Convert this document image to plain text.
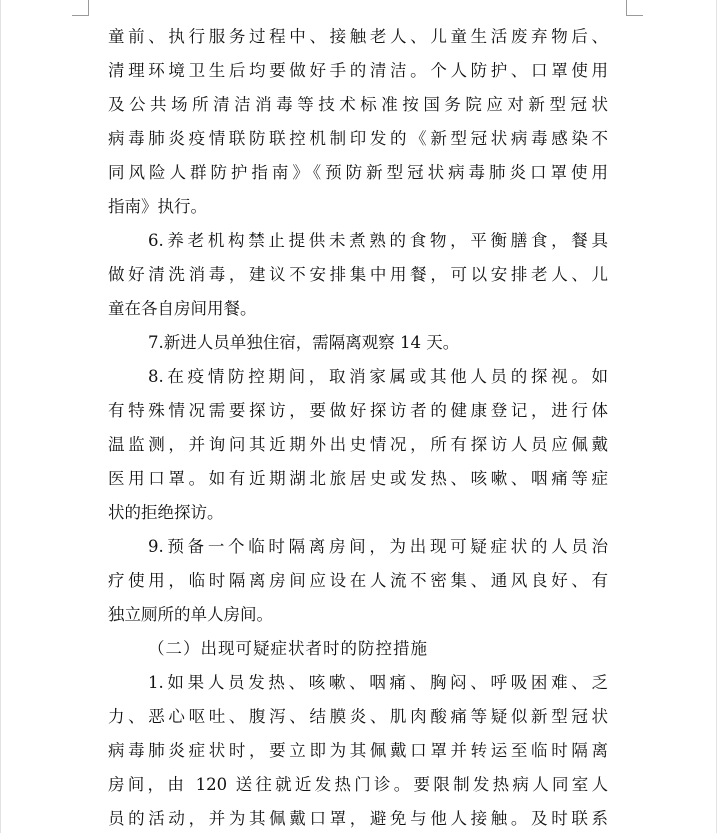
童前、执行服务过程中、接触老人、儿童生活废弃物后、
清理环境卫生后均要做好手的清洁。个人防护、口罩使用
及公共场所清洁消毒等技术标准按国务院应对新型冠状
病毒肺炎疫情联防联控机制印发的《新型冠状病毒感染不
同风险人群防护指南》《预防新型冠状病毒肺炎口罩使用
指南》执行。
6.养老机构禁止提供未煮熟的食物，平衡膳食，餐具
做好清洗消毒，建议不安排集中用餐，可以安排老人、儿
童在各自房间用餐。
7.新进人员单独住宿，需隔离观察 14 天。
8.在疫情防控期间，取消家属或其他人员的探视。如
有特殊情况需要探访，要做好探访者的健康登记，进行体
温监测，并询问其近期外出史情况，所有探访人员应佩戴
医用口罩。如有近期湖北旅居史或发热、咳嗽、咽痛等症
状的拒绝探访。
9.预备一个临时隔离房间，为出现可疑症状的人员治
疗使用，临时隔离房间应设在人流不密集、通风良好、有
独立厕所的单人房间。
（二）出现可疑症状者时的防控措施
1.如果人员发热、咳嗽、咽痛、胸闷、呼吸困难、乏
力、恶心呕吐、腹泻、结膜炎、肌肉酸痛等疑似新型冠状
病毒肺炎症状时，要立即为其佩戴口罩并转运至临时隔离
房间，由 120 送往就近发热门诊。要限制发热病人同室人
员的活动，并为其佩戴口罩，避免与他人接触。及时联系
